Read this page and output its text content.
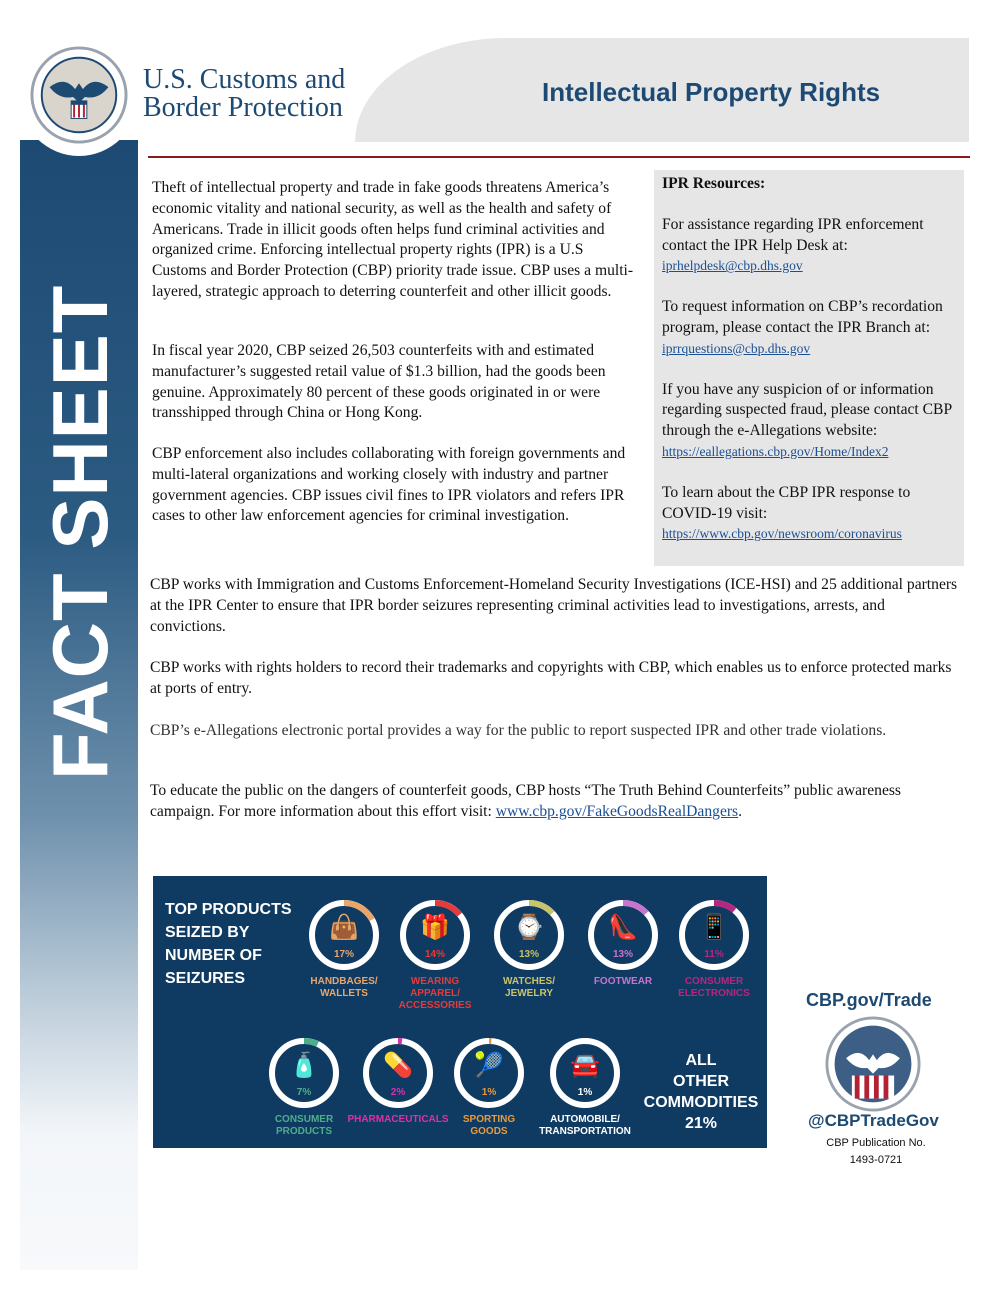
FACT SHEET
U.S. Customs and
Border Protection	Intellectual Property Rights

Theft of intellectual property and trade in fake goods threatens America’s economic vitality and national security, as well as the health and safety of Americans. Trade in illicit goods often helps fund criminal activities and organized crime. Enforcing intellectual property rights (IPR) is a U.S Customs and Border Protection (CBP) priority trade issue. CBP uses a multi-layered, strategic approach to deterring counterfeit and other illicit goods.

In fiscal year 2020, CBP seized 26,503 counterfeits with and estimated manufacturer’s suggested retail value of $1.3 billion, had the goods been genuine. Approximately 80 percent of these goods originated in or were transshipped through China or Hong Kong.

CBP enforcement also includes collaborating with foreign governments and multi-lateral organizations and working closely with industry and partner government agencies. CBP issues civil fines to IPR violators and refers IPR cases to other law enforcement agencies for criminal investigation.

IPR Resources:

For assistance regarding IPR enforcement contact the IPR Help Desk at: iprhelpdesk@cbp.dhs.gov

To request information on CBP’s recordation program, please contact the IPR Branch at: iprrquestions@cbp.dhs.gov

If you have any suspicion of or information regarding suspected fraud, please contact CBP through the e-Allegations website: https://eallegations.cbp.gov/Home/Index2

To learn about the CBP IPR response to COVID-19 visit: https://www.cbp.gov/newsroom/coronavirus

CBP works with Immigration and Customs Enforcement-Homeland Security Investigations (ICE-HSI) and 25 additional partners at the IPR Center to ensure that IPR border seizures representing criminal activities lead to investigations, arrests, and convictions.

CBP works with rights holders to record their trademarks and copyrights with CBP, which enables us to enforce protected marks at ports of entry.

CBP’s e-Allegations electronic portal provides a way for the public to report suspected IPR and other trade violations.

To educate the public on the dangers of counterfeit goods, CBP hosts “The Truth Behind Counterfeits” public awareness campaign. For more information about this effort visit: www.cbp.gov/FakeGoodsRealDangers.

TOP PRODUCTS
SEIZED BY
NUMBER OF
SEIZURES
👜
17%
HANDBAGES/
WALLETS
🎁
14%
WEARING
APPAREL/
ACCESSORIES
⌚
13%
WATCHES/
JEWELRY
👠
13%
FOOTWEAR
📱
11%
CONSUMER
ELECTRONICS
🧴
7%
CONSUMER
PRODUCTS
💊
2%
PHARMACEUTICALS
🎾
1%
SPORTING
GOODS
🚘
1%
AUTOMOBILE/
TRANSPORTATION
ALL
OTHER
COMMODITIES
21%
CBP.gov/Trade
@CBPTradeGov
CBP Publication No.
1493-0721
